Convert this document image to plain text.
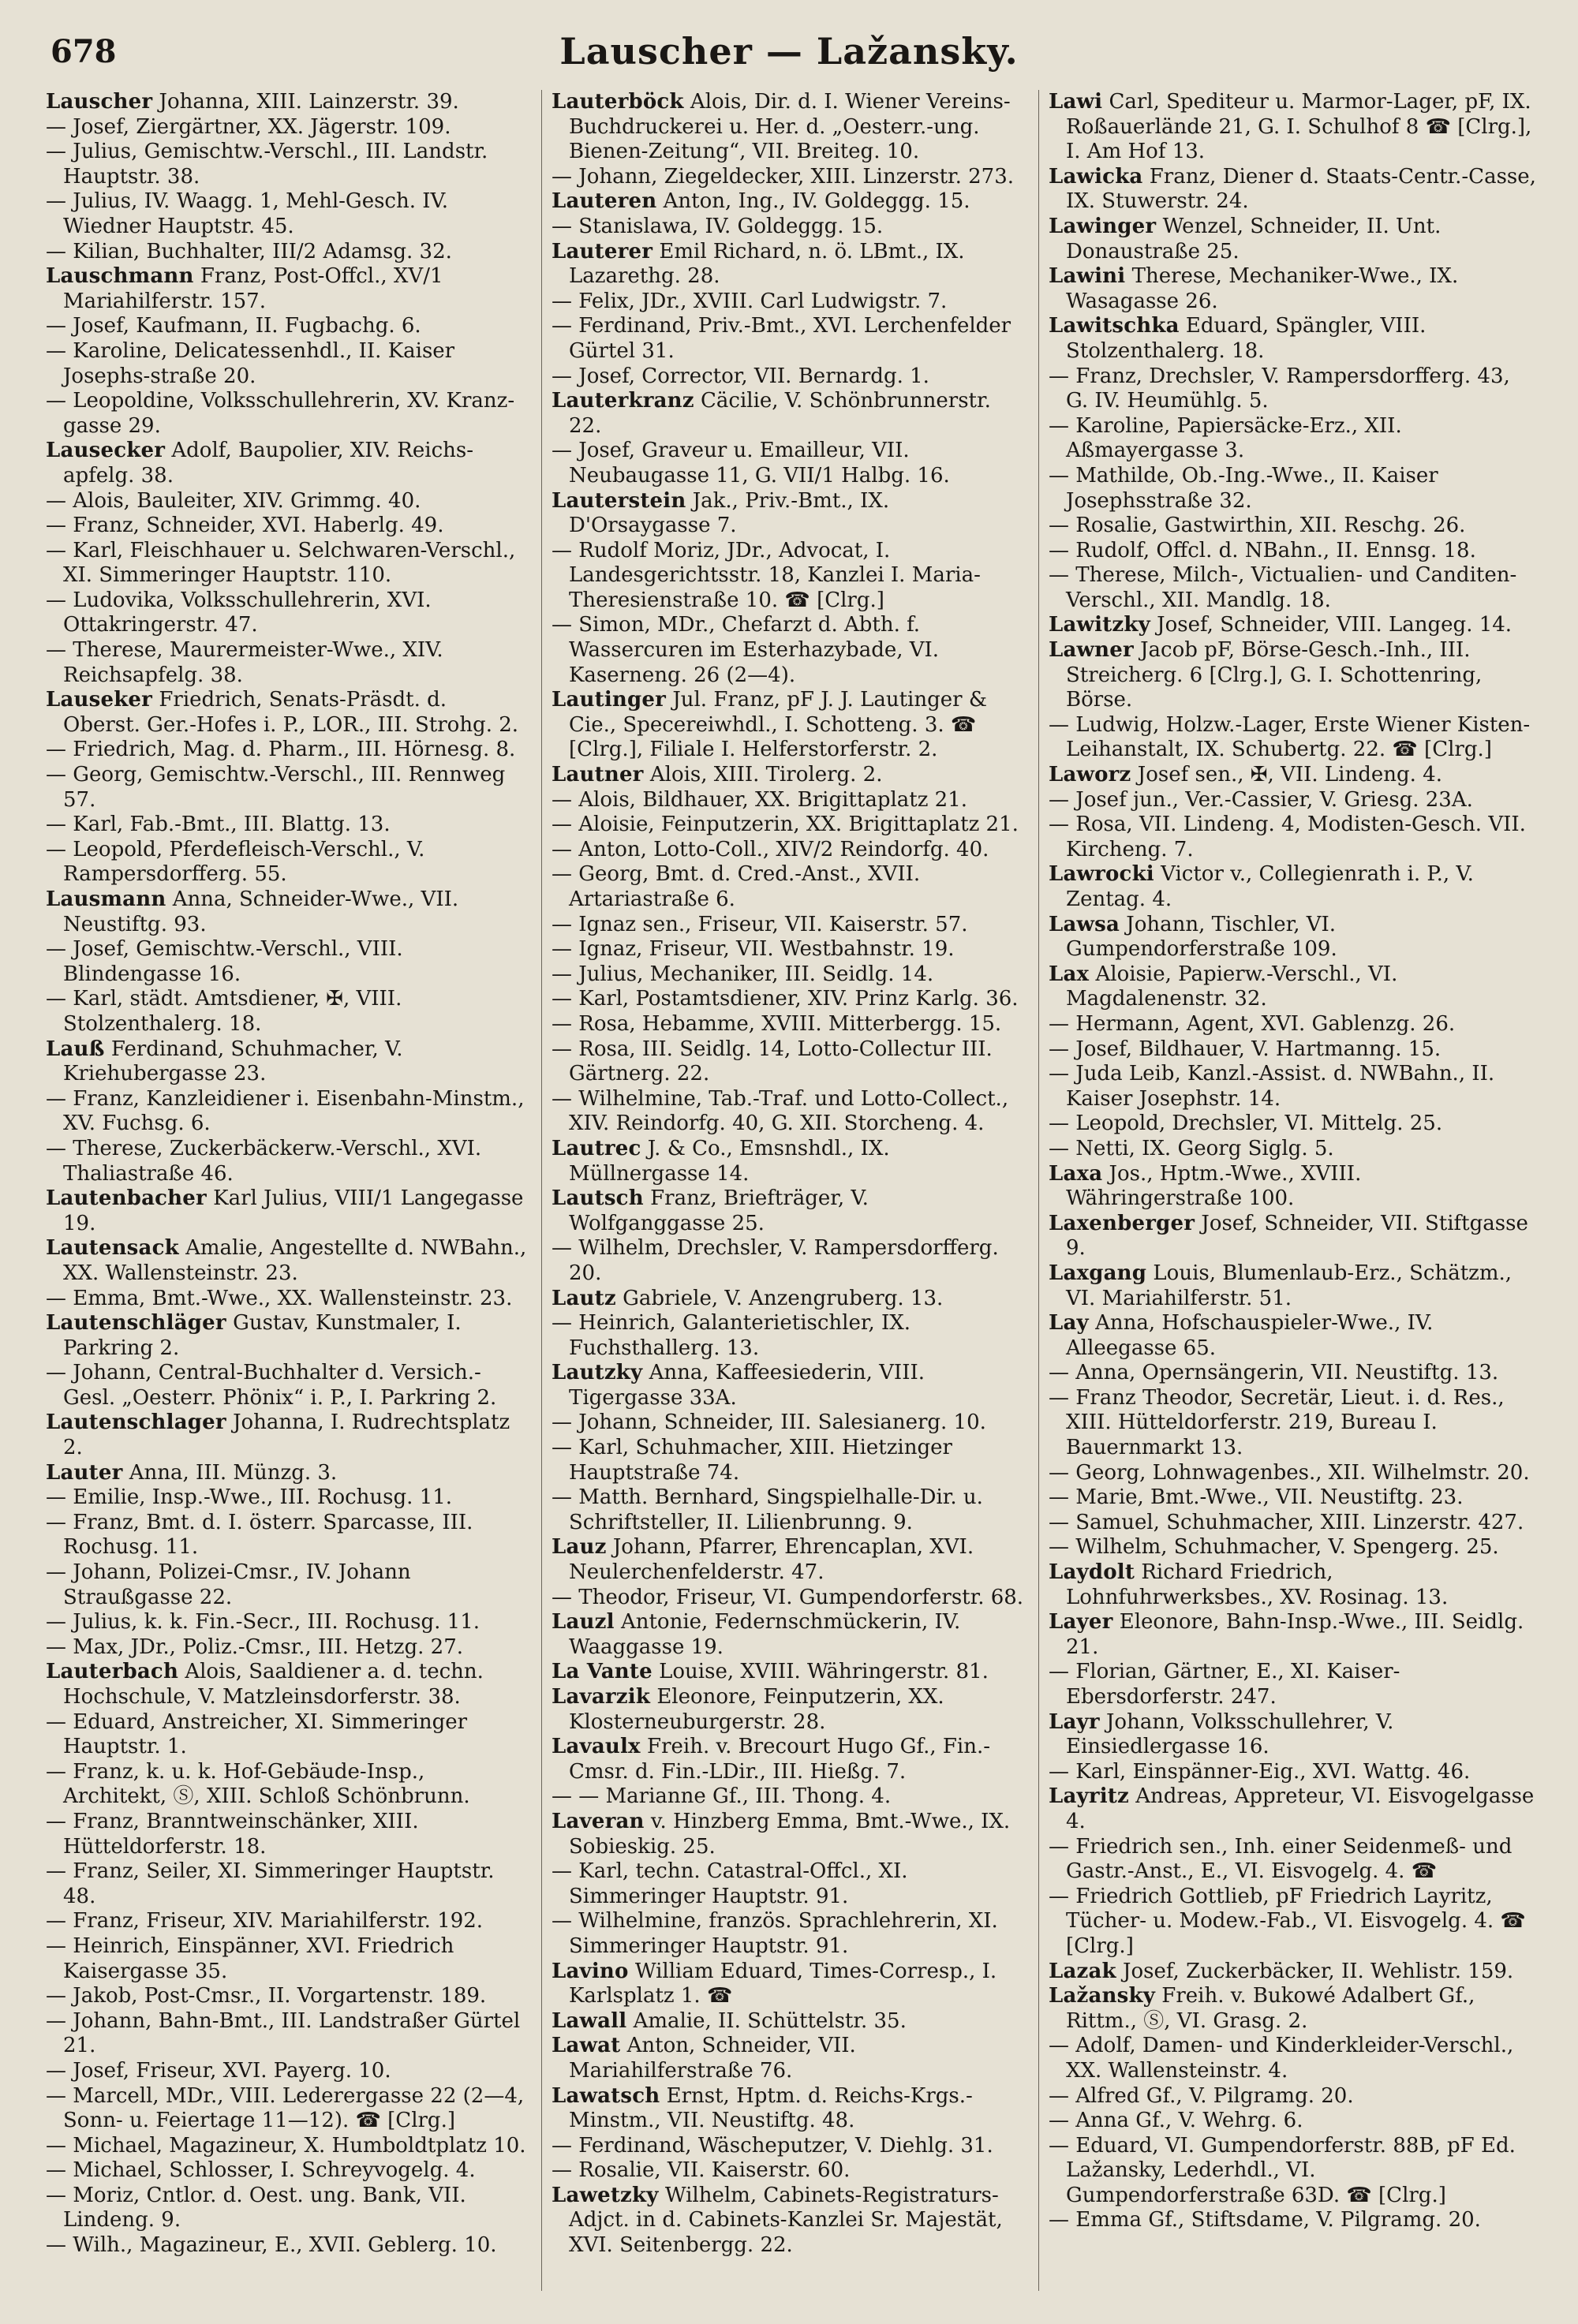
678	Lauscher — Lažansky.

Lauscher Johanna, XIII. Lainzerstr. 39.

— Josef, Ziergärtner, XX. Jägerstr. 109.

— Julius, Gemischtw.-Verschl., III. Landstr. Hauptstr. 38.

— Julius, IV. Waagg. 1, Mehl-Gesch. IV. Wiedner Hauptstr. 45.

— Kilian, Buchhalter, III/2 Adamsg. 32.

Lauschmann Franz, Post-Offcl., XV/1 Mariahilferstr. 157.

— Josef, Kaufmann, II. Fugbachg. 6.

— Karoline, Delicatessenhdl., II. Kaiser Josephs-straße 20.

— Leopoldine, Volksschullehrerin, XV. Kranz-gasse 29.

Lausecker Adolf, Baupolier, XIV. Reichs-apfelg. 38.

— Alois, Bauleiter, XIV. Grimmg. 40.

— Franz, Schneider, XVI. Haberlg. 49.

— Karl, Fleischhauer u. Selchwaren-Verschl., XI. Simmeringer Hauptstr. 110.

— Ludovika, Volksschullehrerin, XVI. Ottakringerstr. 47.

— Therese, Maurermeister-Wwe., XIV. Reichsapfelg. 38.

Lauseker Friedrich, Senats-Präsdt. d. Oberst. Ger.-Hofes i. P., LOR., III. Strohg. 2.

— Friedrich, Mag. d. Pharm., III. Hörnesg. 8.

— Georg, Gemischtw.-Verschl., III. Rennweg 57.

— Karl, Fab.-Bmt., III. Blattg. 13.

— Leopold, Pferdefleisch-Verschl., V. Rampersdorfferg. 55.

Lausmann Anna, Schneider-Wwe., VII. Neustiftg. 93.

— Josef, Gemischtw.-Verschl., VIII. Blindengasse 16.

— Karl, städt. Amtsdiener, ✠, VIII. Stolzenthalerg. 18.

Lauß Ferdinand, Schuhmacher, V. Kriehubergasse 23.

— Franz, Kanzleidiener i. Eisenbahn-Minstm., XV. Fuchsg. 6.

— Therese, Zuckerbäckerw.-Verschl., XVI. Thaliastraße 46.

Lautenbacher Karl Julius, VIII/1 Langegasse 19.

Lautensack Amalie, Angestellte d. NWBahn., XX. Wallensteinstr. 23.

— Emma, Bmt.-Wwe., XX. Wallensteinstr. 23.

Lautenschläger Gustav, Kunstmaler, I. Parkring 2.

— Johann, Central-Buchhalter d. Versich.-Gesl. „Oesterr. Phönix“ i. P., I. Parkring 2.

Lautenschlager Johanna, I. Rudrechtsplatz 2.

Lauter Anna, III. Münzg. 3.

— Emilie, Insp.-Wwe., III. Rochusg. 11.

— Franz, Bmt. d. I. österr. Sparcasse, III. Rochusg. 11.

— Johann, Polizei-Cmsr., IV. Johann Straußgasse 22.

— Julius, k. k. Fin.-Secr., III. Rochusg. 11.

— Max, JDr., Poliz.-Cmsr., III. Hetzg. 27.

Lauterbach Alois, Saaldiener a. d. techn. Hochschule, V. Matzleinsdorferstr. 38.

— Eduard, Anstreicher, XI. Simmeringer Hauptstr. 1.

— Franz, k. u. k. Hof-Gebäude-Insp., Architekt, Ⓢ, XIII. Schloß Schönbrunn.

— Franz, Branntweinschänker, XIII. Hütteldorferstr. 18.

— Franz, Seiler, XI. Simmeringer Hauptstr. 48.

— Franz, Friseur, XIV. Mariahilferstr. 192.

— Heinrich, Einspänner, XVI. Friedrich Kaisergasse 35.

— Jakob, Post-Cmsr., II. Vorgartenstr. 189.

— Johann, Bahn-Bmt., III. Landstraßer Gürtel 21.

— Josef, Friseur, XVI. Payerg. 10.

— Marcell, MDr., VIII. Lederergasse 22 (2—4, Sonn- u. Feiertage 11—12). ☎ [Clrg.]

— Michael, Magazineur, X. Humboldtplatz 10.

— Michael, Schlosser, I. Schreyvogelg. 4.

— Moriz, Cntlor. d. Oest. ung. Bank, VII. Lindeng. 9.

— Wilh., Magazineur, E., XVII. Geblerg. 10.

Lauterböck Alois, Dir. d. I. Wiener Vereins-Buchdruckerei u. Her. d. „Oesterr.-ung. Bienen-Zeitung“, VII. Breiteg. 10.

— Johann, Ziegeldecker, XIII. Linzerstr. 273.

Lauteren Anton, Ing., IV. Goldeggg. 15.

— Stanislawa, IV. Goldeggg. 15.

Lauterer Emil Richard, n. ö. LBmt., IX. Lazarethg. 28.

— Felix, JDr., XVIII. Carl Ludwigstr. 7.

— Ferdinand, Priv.-Bmt., XVI. Lerchenfelder Gürtel 31.

— Josef, Corrector, VII. Bernardg. 1.

Lauterkranz Cäcilie, V. Schönbrunnerstr. 22.

— Josef, Graveur u. Emailleur, VII. Neubaugasse 11, G. VII/1 Halbg. 16.

Lauterstein Jak., Priv.-Bmt., IX. D'Orsaygasse 7.

— Rudolf Moriz, JDr., Advocat, I. Landesgerichtsstr. 18, Kanzlei I. Maria-Theresienstraße 10. ☎ [Clrg.]

— Simon, MDr., Chefarzt d. Abth. f. Wassercuren im Esterhazybade, VI. Kaserneng. 26 (2—4).

Lautinger Jul. Franz, pF J. J. Lautinger & Cie., Specereiwhdl., I. Schotteng. 3. ☎ [Clrg.], Filiale I. Helferstorferstr. 2.

Lautner Alois, XIII. Tirolerg. 2.

— Alois, Bildhauer, XX. Brigittaplatz 21.

— Aloisie, Feinputzerin, XX. Brigittaplatz 21.

— Anton, Lotto-Coll., XIV/2 Reindorfg. 40.

— Georg, Bmt. d. Cred.-Anst., XVII. Artariastraße 6.

— Ignaz sen., Friseur, VII. Kaiserstr. 57.

— Ignaz, Friseur, VII. Westbahnstr. 19.

— Julius, Mechaniker, III. Seidlg. 14.

— Karl, Postamtsdiener, XIV. Prinz Karlg. 36.

— Rosa, Hebamme, XVIII. Mitterbergg. 15.

— Rosa, III. Seidlg. 14, Lotto-Collectur III. Gärtnerg. 22.

— Wilhelmine, Tab.-Traf. und Lotto-Collect., XIV. Reindorfg. 40, G. XII. Storcheng. 4.

Lautrec J. & Co., Emsnshdl., IX. Müllnergasse 14.

Lautsch Franz, Briefträger, V. Wolfganggasse 25.

— Wilhelm, Drechsler, V. Rampersdorfferg. 20.

Lautz Gabriele, V. Anzengruberg. 13.

— Heinrich, Galanterietischler, IX. Fuchsthallerg. 13.

Lautzky Anna, Kaffeesiederin, VIII. Tigergasse 33A.

— Johann, Schneider, III. Salesianerg. 10.

— Karl, Schuhmacher, XIII. Hietzinger Hauptstraße 74.

— Matth. Bernhard, Singspielhalle-Dir. u. Schriftsteller, II. Lilienbrunng. 9.

Lauz Johann, Pfarrer, Ehrencaplan, XVI. Neulerchenfelderstr. 47.

— Theodor, Friseur, VI. Gumpendorferstr. 68.

Lauzl Antonie, Federnschmückerin, IV. Waaggasse 19.

La Vante Louise, XVIII. Währingerstr. 81.

Lavarzik Eleonore, Feinputzerin, XX. Klosterneuburgerstr. 28.

Lavaulx Freih. v. Brecourt Hugo Gf., Fin.-Cmsr. d. Fin.-LDir., III. Hießg. 7.

— — Marianne Gf., III. Thong. 4.

Laveran v. Hinzberg Emma, Bmt.-Wwe., IX. Sobieskig. 25.

— Karl, techn. Catastral-Offcl., XI. Simmeringer Hauptstr. 91.

— Wilhelmine, französ. Sprachlehrerin, XI. Simmeringer Hauptstr. 91.

Lavino William Eduard, Times-Corresp., I. Karlsplatz 1. ☎

Lawall Amalie, II. Schüttelstr. 35.

Lawat Anton, Schneider, VII. Mariahilferstraße 76.

Lawatsch Ernst, Hptm. d. Reichs-Krgs.-Minstm., VII. Neustiftg. 48.

— Ferdinand, Wäscheputzer, V. Diehlg. 31.

— Rosalie, VII. Kaiserstr. 60.

Lawetzky Wilhelm, Cabinets-Registraturs-Adjct. in d. Cabinets-Kanzlei Sr. Majestät, XVI. Seitenbergg. 22.

Lawi Carl, Spediteur u. Marmor-Lager, pF, IX. Roßauerlände 21, G. I. Schulhof 8 ☎ [Clrg.], I. Am Hof 13.

Lawicka Franz, Diener d. Staats-Centr.-Casse, IX. Stuwerstr. 24.

Lawinger Wenzel, Schneider, II. Unt. Donaustraße 25.

Lawini Therese, Mechaniker-Wwe., IX. Wasagasse 26.

Lawitschka Eduard, Spängler, VIII. Stolzenthalerg. 18.

— Franz, Drechsler, V. Rampersdorfferg. 43, G. IV. Heumühlg. 5.

— Karoline, Papiersäcke-Erz., XII. Aßmayergasse 3.

— Mathilde, Ob.-Ing.-Wwe., II. Kaiser Josephsstraße 32.

— Rosalie, Gastwirthin, XII. Reschg. 26.

— Rudolf, Offcl. d. NBahn., II. Ennsg. 18.

— Therese, Milch-, Victualien- und Canditen-Verschl., XII. Mandlg. 18.

Lawitzky Josef, Schneider, VIII. Langeg. 14.

Lawner Jacob pF, Börse-Gesch.-Inh., III. Streicherg. 6 [Clrg.], G. I. Schottenring, Börse.

— Ludwig, Holzw.-Lager, Erste Wiener Kisten-Leihanstalt, IX. Schubertg. 22. ☎ [Clrg.]

Laworz Josef sen., ✠, VII. Lindeng. 4.

— Josef jun., Ver.-Cassier, V. Griesg. 23A.

— Rosa, VII. Lindeng. 4, Modisten-Gesch. VII. Kircheng. 7.

Lawrocki Victor v., Collegienrath i. P., V. Zentag. 4.

Lawsa Johann, Tischler, VI. Gumpendorferstraße 109.

Lax Aloisie, Papierw.-Verschl., VI. Magdalenenstr. 32.

— Hermann, Agent, XVI. Gablenzg. 26.

— Josef, Bildhauer, V. Hartmanng. 15.

— Juda Leib, Kanzl.-Assist. d. NWBahn., II. Kaiser Josephstr. 14.

— Leopold, Drechsler, VI. Mittelg. 25.

— Netti, IX. Georg Siglg. 5.

Laxa Jos., Hptm.-Wwe., XVIII. Währingerstraße 100.

Laxenberger Josef, Schneider, VII. Stiftgasse 9.

Laxgang Louis, Blumenlaub-Erz., Schätzm., VI. Mariahilferstr. 51.

Lay Anna, Hofschauspieler-Wwe., IV. Alleegasse 65.

— Anna, Opernsängerin, VII. Neustiftg. 13.

— Franz Theodor, Secretär, Lieut. i. d. Res., XIII. Hütteldorferstr. 219, Bureau I. Bauernmarkt 13.

— Georg, Lohnwagenbes., XII. Wilhelmstr. 20.

— Marie, Bmt.-Wwe., VII. Neustiftg. 23.

— Samuel, Schuhmacher, XIII. Linzerstr. 427.

— Wilhelm, Schuhmacher, V. Spengerg. 25.

Laydolt Richard Friedrich, Lohnfuhrwerksbes., XV. Rosinag. 13.

Layer Eleonore, Bahn-Insp.-Wwe., III. Seidlg. 21.

— Florian, Gärtner, E., XI. Kaiser-Ebersdorferstr. 247.

Layr Johann, Volksschullehrer, V. Einsiedlergasse 16.

— Karl, Einspänner-Eig., XVI. Wattg. 46.

Layritz Andreas, Appreteur, VI. Eisvogelgasse 4.

— Friedrich sen., Inh. einer Seidenmeß- und Gastr.-Anst., E., VI. Eisvogelg. 4. ☎

— Friedrich Gottlieb, pF Friedrich Layritz, Tücher- u. Modew.-Fab., VI. Eisvogelg. 4. ☎ [Clrg.]

Lazak Josef, Zuckerbäcker, II. Wehlistr. 159.

Lažansky Freih. v. Bukowé Adalbert Gf., Rittm., Ⓢ, VI. Grasg. 2.

— Adolf, Damen- und Kinderkleider-Verschl., XX. Wallensteinstr. 4.

— Alfred Gf., V. Pilgramg. 20.

— Anna Gf., V. Wehrg. 6.

— Eduard, VI. Gumpendorferstr. 88B, pF Ed. Lažansky, Lederhdl., VI. Gumpendorferstraße 63D. ☎ [Clrg.]

— Emma Gf., Stiftsdame, V. Pilgramg. 20.
